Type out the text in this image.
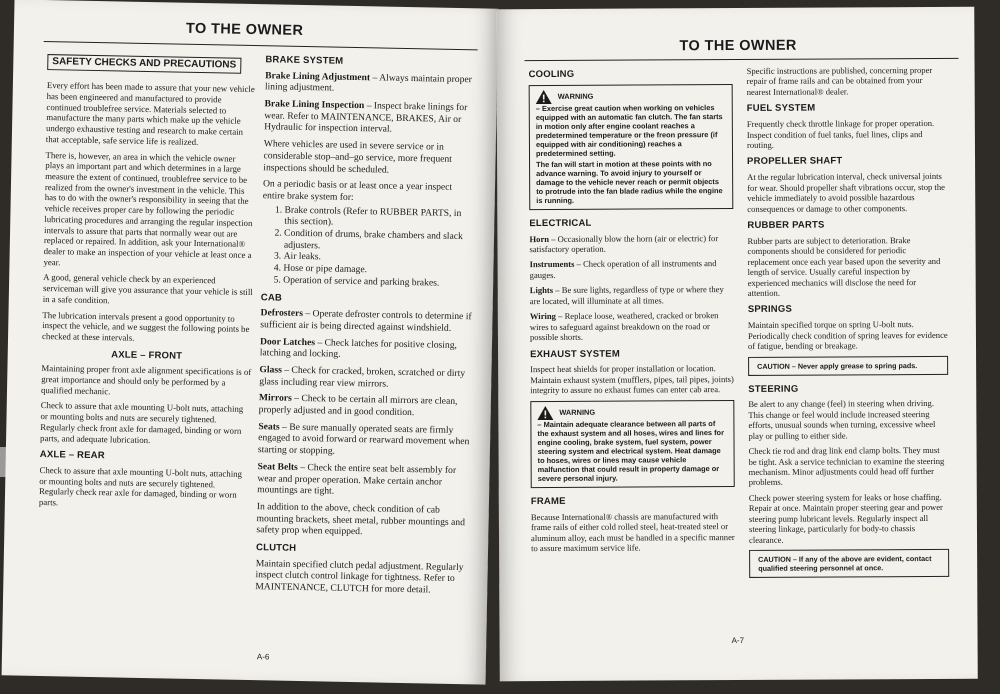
TO THE OWNER
SAFETY CHECKS AND PRECAUTIONS

Every effort has been made to assure that your new vehicle has been engineered and manufactured to provide continued troublefree service. Materials selected to manufacture the many parts which make up the vehicle undergo exhaustive testing and research to make certain that acceptable, safe service life is realized.

There is, however, an area in which the vehicle owner plays an important part and which determines in a large measure the extent of continued, troublefree service to be realized from the owner's investment in the vehicle. This has to do with the owner's responsibility in seeing that the vehicle receives proper care by following the periodic lubricating procedures and arranging the regular inspection intervals to assure that parts that normally wear out are replaced or repaired. In addition, ask your International® dealer to make an inspection of your vehicle at least once a year.

A good, general vehicle check by an experienced serviceman will give you assurance that your vehicle is still in a safe condition.

The lubrication intervals present a good opportunity to inspect the vehicle, and we suggest the following points be checked at these intervals.

AXLE – FRONT

Maintaining proper front axle alignment specifications is of great importance and should only be performed by a qualified mechanic.

Check to assure that axle mounting U-bolt nuts, attaching or mounting bolts and nuts are securely tightened. Regularly check front axle for damaged, binding or worn parts, and adequate lubrication.

AXLE – REAR

Check to assure that axle mounting U-bolt nuts, attaching or mounting bolts and nuts are securely tightened. Regularly check rear axle for damaged, binding or worn parts.

BRAKE SYSTEM

Brake Lining Adjustment – Always maintain proper lining adjustment.

Brake Lining Inspection – Inspect brake linings for wear. Refer to MAINTENANCE, BRAKES, Air or Hydraulic for inspection interval.

Where vehicles are used in severe service or in considerable stop–and–go service, more frequent inspections should be scheduled.

On a periodic basis or at least once a year inspect entire brake system for:

1. Brake controls (Refer to RUBBER PARTS, in this section).
2. Condition of drums, brake chambers and slack adjusters.
3. Air leaks.
4. Hose or pipe damage.
5. Operation of service and parking brakes.
CAB

Defrosters – Operate defroster controls to determine if sufficient air is being directed against windshield.

Door Latches – Check latches for positive closing, latching and locking.

Glass – Check for cracked, broken, scratched or dirty glass including rear view mirrors.

Mirrors – Check to be certain all mirrors are clean, properly adjusted and in good condition.

Seats – Be sure manually operated seats are firmly engaged to avoid forward or rearward movement when starting or stopping.

Seat Belts – Check the entire seat belt assembly for wear and proper operation. Make certain anchor mountings are tight.

In addition to the above, check condition of cab mounting brackets, sheet metal, rubber mountings and safety prop when equipped.

CLUTCH

Maintain specified clutch pedal adjustment. Regularly inspect clutch control linkage for tightness. Refer to MAINTENANCE, CLUTCH for more detail.

A-6
TO THE OWNER
COOLING
WARNING
– Exercise great caution when working on vehicles equipped with an automatic fan clutch. The fan starts in motion only after engine coolant reaches a predetermined temperature or the freon pressure (if equipped with air conditioning) reaches a predetermined setting.
The fan will start in motion at these points with no advance warning. To avoid injury to yourself or damage to the vehicle never reach or permit objects to protrude into the fan blade radius while the engine is running.
ELECTRICAL

Horn – Occasionally blow the horn (air or electric) for satisfactory operation.

Instruments – Check operation of all instruments and gauges.

Lights – Be sure lights, regardless of type or where they are located, will illuminate at all times.

Wiring – Replace loose, weathered, cracked or broken wires to safeguard against breakdown on the road or possible shorts.

EXHAUST SYSTEM

Inspect heat shields for proper installation or location. Maintain exhaust system (mufflers, pipes, tail pipes, joints) integrity to assure no exhaust fumes can enter cab area.

WARNING
– Maintain adequate clearance between all parts of the exhaust system and all hoses, wires and lines for engine cooling, brake system, fuel system, power steering system and electrical system. Heat damage to hoses, wires or lines may cause vehicle malfunction that could result in property damage or severe personal injury.
FRAME

Because International® chassis are manufactured with frame rails of either cold rolled steel, heat-treated steel or aluminum alloy, each must be handled in a specific manner to assure maximum service life.

Specific instructions are published, concerning proper repair of frame rails and can be obtained from your nearest International® dealer.

FUEL SYSTEM

Frequently check throttle linkage for proper operation. Inspect condition of fuel tanks, fuel lines, clips and routing.

PROPELLER SHAFT

At the regular lubrication interval, check universal joints for wear. Should propeller shaft vibrations occur, stop the vehicle immediately to avoid possible hazardous consequences or damage to other components.

RUBBER PARTS

Rubber parts are subject to deterioration. Brake components should be considered for periodic replacement once each year based upon the severity and length of service. Usually careful inspection by experienced mechanics will disclose the need for attention.

SPRINGS

Maintain specified torque on spring U-bolt nuts. Periodically check condition of spring leaves for evidence of fatigue, bending or breakage.

CAUTION – Never apply grease to spring pads.
STEERING

Be alert to any change (feel) in steering when driving. This change or feel would include increased steering efforts, unusual sounds when turning, excessive wheel play or pulling to either side.

Check tie rod and drag link end clamp bolts. They must be tight. Ask a service technician to examine the steering mechanism. Minor adjustments could head off further problems.

Check power steering system for leaks or hose chaffing. Repair at once. Maintain proper steering gear and power steering pump lubricant levels. Regularly inspect all steering linkage, particularly for body-to chassis clearance.

CAUTION – If any of the above are evident, contact qualified steering personnel at once.
A-7
